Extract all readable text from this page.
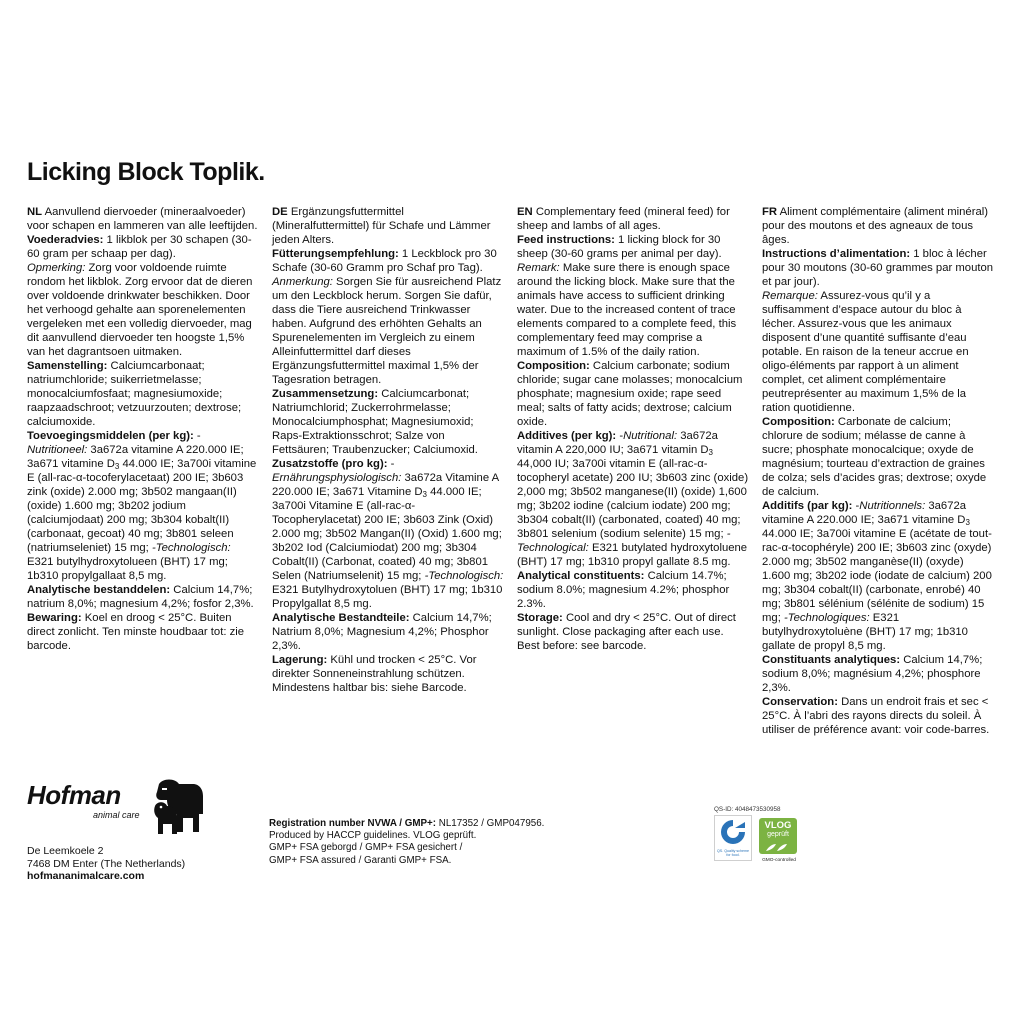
Licking Block Toplik.

NL Aanvullend diervoeder (mineraalvoeder) voor schapen en lammeren van alle leeftijden.

Voederadvies: 1 likblok per 30 schapen (30-60 gram per schaap per dag).

Opmerking: Zorg voor voldoende ruimte rondom het likblok. Zorg ervoor dat de dieren over voldoende drinkwater beschikken. Door het verhoogd gehalte aan sporenelementen vergeleken met een volledig diervoeder, mag dit aanvullend diervoeder ten hoogste 1,5% van het dagrantsoen uitmaken.

Samenstelling: Calciumcarbonaat; natriumchloride; suikerrietmelasse; monocalciumfosfaat; magnesiumoxide; raapzaadschroot; vetzuurzouten; dextrose; calciumoxide.

Toevoegingsmiddelen (per kg): -Nutritioneel: 3a672a vitamine A 220.000 IE; 3a671 vitamine $D_3$ 44.000 IE; 3a700i vitamine E (all-rac-α-tocoferylacetaat) 200 IE; 3b603 zink (oxide) 2.000 mg; 3b502 mangaan(II) (oxide) 1.600 mg; 3b202 jodium (calciumjodaat) 200 mg; 3b304 kobalt(II) (carbonaat, gecoat) 40 mg; 3b801 seleen (natriumseleniet) 15 mg; -Technologisch: E321 butylhydroxytolueen (BHT) 17 mg; 1b310 propylgallaat 8,5 mg.

Analytische bestanddelen: Calcium 14,7%; natrium 8,0%; magnesium 4,2%; fosfor 2,3%.

Bewaring: Koel en droog < 25°C. Buiten direct zonlicht. Ten minste houdbaar tot: zie barcode.

DE Ergänzungsfuttermittel (Mineralfuttermittel) für Schafe und Lämmer jeden Alters.

Fütterungsempfehlung: 1 Leckblock pro 30 Schafe (30-60 Gramm pro Schaf pro Tag).

Anmerkung: Sorgen Sie für ausreichend Platz um den Leckblock herum. Sorgen Sie dafür, dass die Tiere ausreichend Trinkwasser haben. Aufgrund des erhöhten Gehalts an Spurenelementen im Vergleich zu einem Alleinfuttermittel darf dieses Ergänzungsfuttermittel maximal 1,5% der Tagesration betragen.

Zusammensetzung: Calciumcarbonat; Natriumchlorid; Zuckerrohrmelasse; Monocalciumphosphat; Magnesiumoxid; Raps-Extraktionsschrot; Salze von Fettsäuren; Traubenzucker; Calciumoxid.

Zusatzstoffe (pro kg): -Ernährungsphysiologisch: 3a672a Vitamine A 220.000 IE; 3a671 Vitamine $D_3$ 44.000 IE; 3a700i Vitamine E (all-rac-α-Tocopherylacetat) 200 IE; 3b603 Zink (Oxid) 2.000 mg; 3b502 Mangan(II) (Oxid) 1.600 mg; 3b202 Iod (Calciumiodat) 200 mg; 3b304 Cobalt(II) (Carbonat, coated) 40 mg; 3b801 Selen (Natriumselenit) 15 mg; -Technologisch: E321 Butylhydroxytoluen (BHT) 17 mg; 1b310 Propylgallat 8,5 mg.

Analytische Bestandteile: Calcium 14,7%; Natrium 8,0%; Magnesium 4,2%; Phosphor 2,3%.

Lagerung: Kühl und trocken < 25°C. Vor direkter Sonneneinstrahlung schützen. Mindestens haltbar bis: siehe Barcode.

EN Complementary feed (mineral feed) for sheep and lambs of all ages.

Feed instructions: 1 licking block for 30 sheep (30-60 grams per animal per day).

Remark: Make sure there is enough space around the licking block. Make sure that the animals have access to sufficient drinking water. Due to the increased content of trace elements compared to a complete feed, this complementary feed may comprise a maximum of 1.5% of the daily ration.

Composition: Calcium carbonate; sodium chloride; sugar cane molasses; monocalcium phosphate; magnesium oxide; rape seed meal; salts of fatty acids; dextrose; calcium oxide.

Additives (per kg): -Nutritional: 3a672a vitamin A 220,000 IU; 3a671 vitamin $D_3$ 44,000 IU; 3a700i vitamin E (all-rac-α-tocopheryl acetate) 200 IU; 3b603 zinc (oxide) 2,000 mg; 3b502 manganese(II) (oxide) 1,600 mg; 3b202 iodine (calcium iodate) 200 mg; 3b304 cobalt(II) (carbonated, coated) 40 mg; 3b801 selenium (sodium selenite) 15 mg; -Technological: E321 butylated hydroxytoluene (BHT) 17 mg; 1b310 propyl gallate 8.5 mg.

Analytical constituents: Calcium 14.7%; sodium 8.0%; magnesium 4.2%; phosphor 2.3%.

Storage: Cool and dry < 25°C. Out of direct sunlight. Close packaging after each use. Best before: see barcode.

FR Aliment complémentaire (aliment minéral) pour des moutons et des agneaux de tous âges.

Instructions d’alimentation: 1 bloc à lécher pour 30 moutons (30-60 grammes par mouton et par jour).

Remarque: Assurez-vous qu’il y a suffisamment d’espace autour du bloc à lécher. Assurez-vous que les animaux disposent d’une quantité suffisante d’eau potable. En raison de la teneur accrue en oligo-éléments par rapport à un aliment complet, cet aliment complémentaire peutreprésenter au maximum 1,5% de la ration quotidienne.

Composition: Carbonate de calcium; chlorure de sodium; mélasse de canne à sucre; phosphate monocalcique; oxyde de magnésium; tourteau d’extraction de graines de colza; sels d’acides gras; dextrose; oxyde de calcium.

Additifs (par kg): -Nutritionnels: 3a672a vitamine A 220.000 IE; 3a671 vitamine $D_3$ 44.000 IE; 3a700i vitamine E (acétate de tout-rac-α-tocophéryle) 200 IE; 3b603 zinc (oxyde) 2.000 mg; 3b502 manganèse(II) (oxyde) 1.600 mg; 3b202 iode (iodate de calcium) 200 mg; 3b304 cobalt(II) (carbonate, enrobé) 40 mg; 3b801 sélénium (sélénite de sodium) 15 mg; -Technologiques: E321 butylhydroxytoluène (BHT) 17 mg; 1b310 gallate de propyl 8,5 mg.

Constituants analytiques: Calcium 14,7%; sodium 8,0%; magnésium 4,2%; phosphore 2,3%.

Conservation: Dans un endroit frais et sec < 25°C. À l’abri des rayons directs du soleil. À utiliser de préférence avant: voir code-barres.

Hofman
animal care

De Leemkoele 2

7468 DM Enter (The Netherlands)

hofmananimalcare.com

Registration number NVWA / GMP+: NL17352 / GMP047956.

Produced by HACCP guidelines. VLOG geprüft.

GMP+ FSA geborgd / GMP+ FSA gesichert /

GMP+ FSA assured / Garanti GMP+ FSA.

QS-ID: 4048473530958
QS. Quality scheme for food.
VLOG
geprüft
GMO-controlled
